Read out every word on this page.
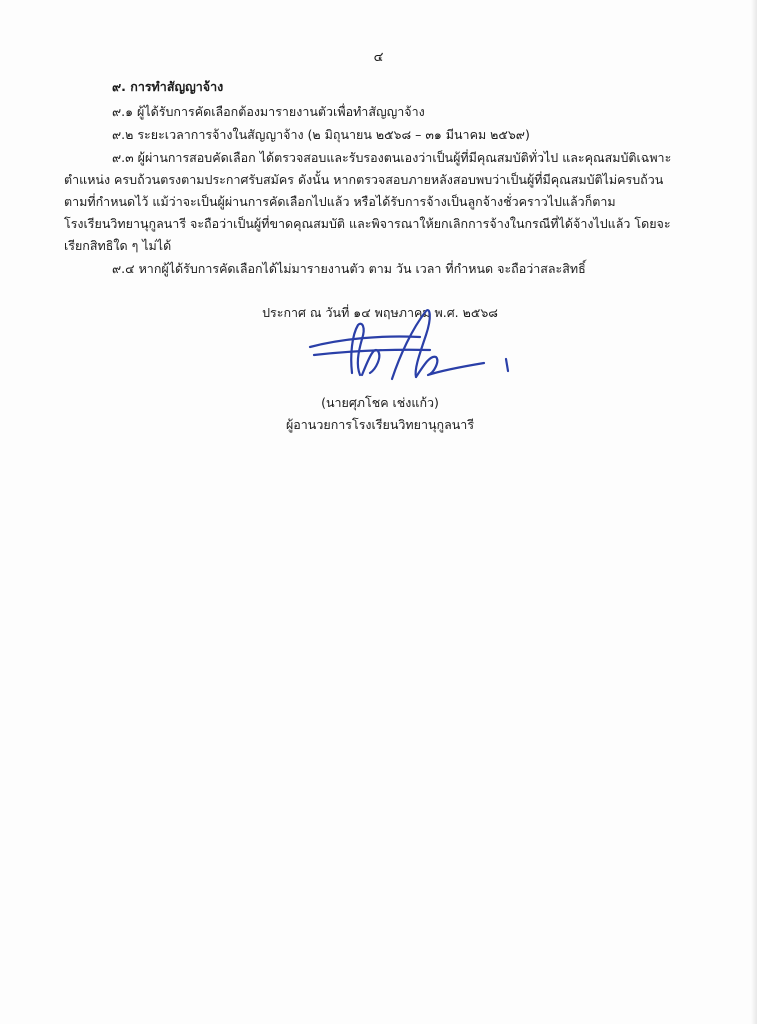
๔
๙. การทำสัญญาจ้าง
๙.๑ ผู้ได้รับการคัดเลือกต้องมารายงานตัวเพื่อทำสัญญาจ้าง
๙.๒ ระยะเวลาการจ้างในสัญญาจ้าง (๒ มิถุนายน ๒๕๖๘ – ๓๑ มีนาคม ๒๕๖๙)
๙.๓ ผู้ผ่านการสอบคัดเลือก ได้ตรวจสอบและรับรองตนเองว่าเป็นผู้ที่มีคุณสมบัติทั่วไป และคุณสมบัติเฉพาะ
ตำแหน่ง ครบถ้วนตรงตามประกาศรับสมัคร ดังนั้น หากตรวจสอบภายหลังสอบพบว่าเป็นผู้ที่มีคุณสมบัติไม่ครบถ้วน
ตามที่กำหนดไว้ แม้ว่าจะเป็นผู้ผ่านการคัดเลือกไปแล้ว หรือได้รับการจ้างเป็นลูกจ้างชั่วคราวไปแล้วก็ตาม
โรงเรียนวิทยานุกูลนารี จะถือว่าเป็นผู้ที่ขาดคุณสมบัติ และพิจารณาให้ยกเลิกการจ้างในกรณีที่ได้จ้างไปแล้ว โดยจะ
เรียกสิทธิใด ๆ ไม่ได้
๙.๔ หากผู้ได้รับการคัดเลือกได้ไม่มารายงานตัว ตาม วัน เวลา ที่กำหนด จะถือว่าสละสิทธิ์
ประกาศ ณ วันที่ ๑๔ พฤษภาคม พ.ศ. ๒๕๖๘
(นายศุภโชค เช่งแก้ว)
ผู้อานวยการโรงเรียนวิทยานุกูลนารี
